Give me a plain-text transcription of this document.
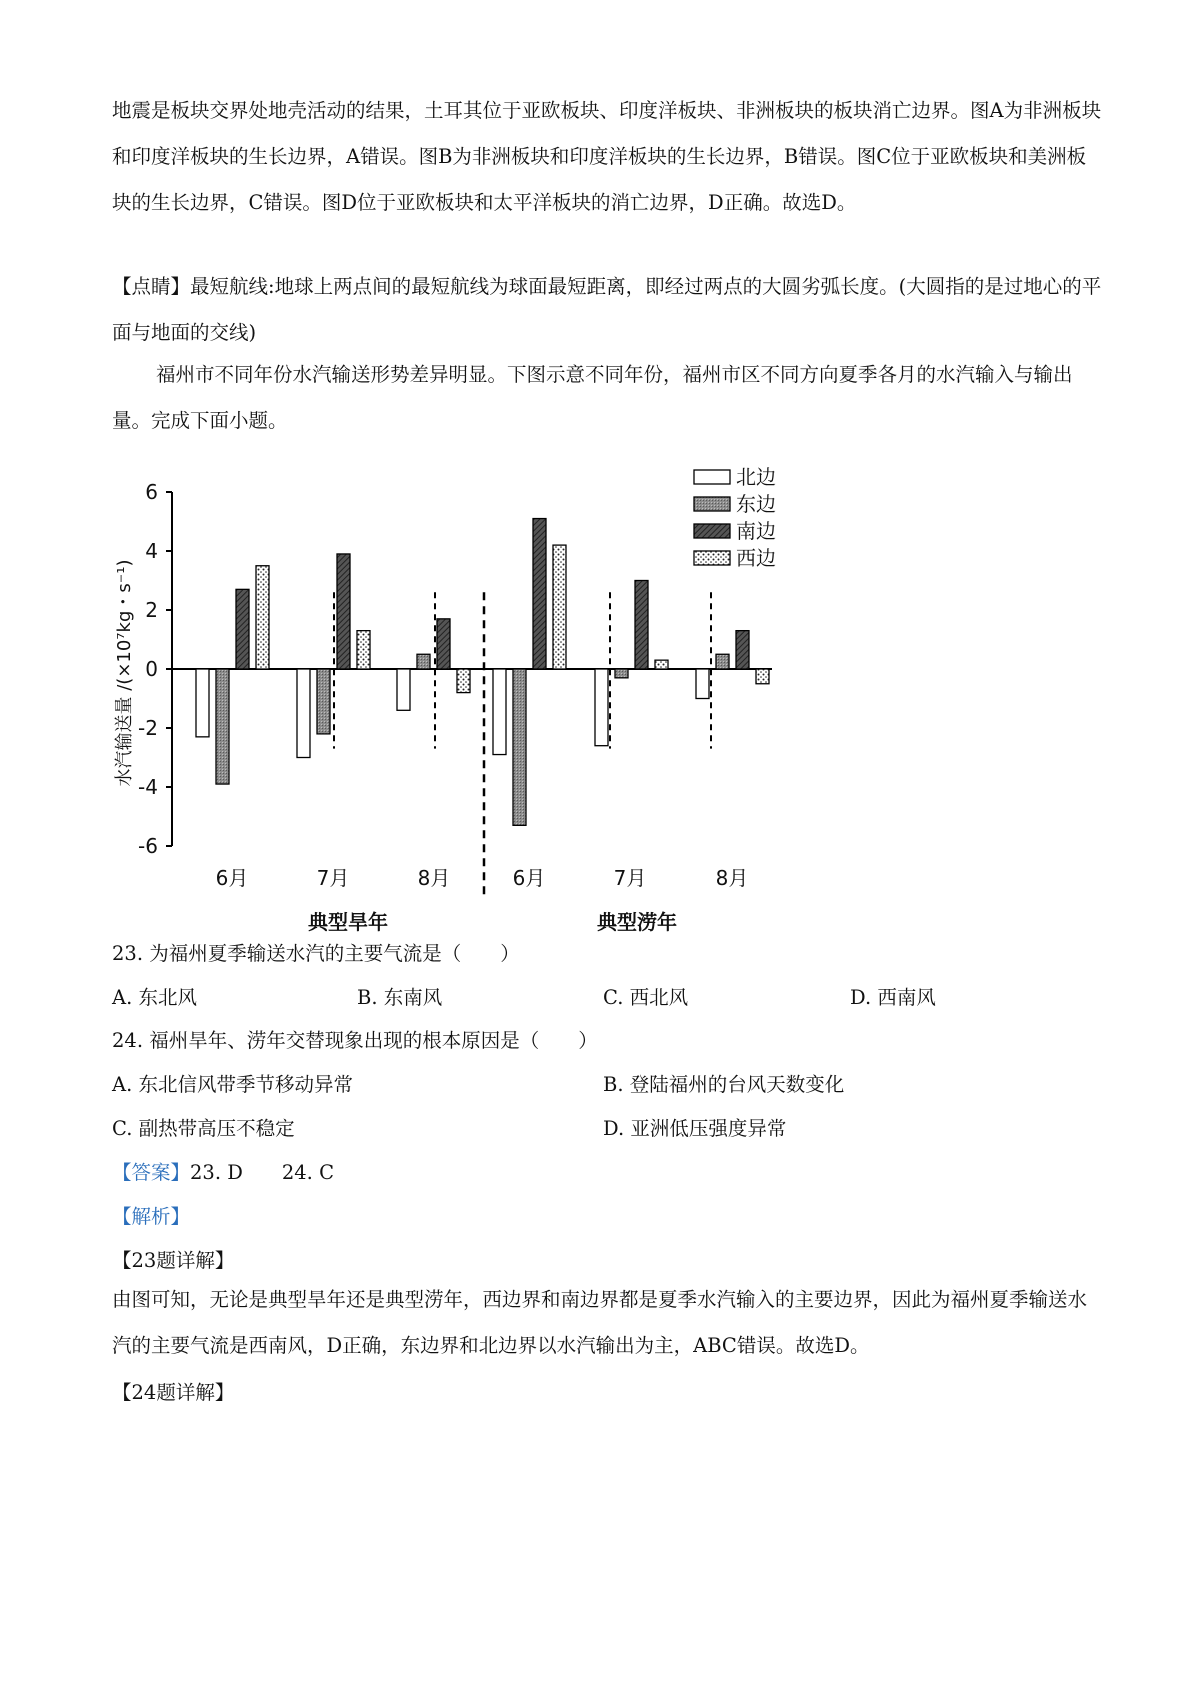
地震是板块交界处地壳活动的结果，土耳其位于亚欧板块、印度洋板块、非洲板块的板块消亡边界。图A为非洲板块和印度洋板块的生长边界，A错误。图B为非洲板块和印度洋板块的生长边界，B错误。图C位于亚欧板块和美洲板块的生长边界，C错误。图D位于亚欧板块和太平洋板块的消亡边界，D正确。故选D。

【点睛】最短航线:地球上两点间的最短航线为球面最短距离，即经过两点的大圆劣弧长度。(大圆指的是过地心的平面与地面的交线)

福州市不同年份水汽输送形势差异明显。下图示意不同年份，福州市区不同方向夏季各月的水汽输入与输出量。完成下面小题。

-6
-4
-2
0
2
4
6
水汽输送量 /(×10⁷kg・s⁻¹)
6月	7月	8月	6月	7月	8月
典型旱年	典型涝年
北边
东边
南边
西边
23. 为福州夏季输送水汽的主要气流是（　　）
A. 东北风	B. 东南风	C. 西北风	D. 西南风
24. 福州旱年、涝年交替现象出现的根本原因是（　　）
A. 东北信风带季节移动异常	B. 登陆福州的台风天数变化
C. 副热带高压不稳定	D. 亚洲低压强度异常
【答案】23. D　　24. C
【解析】
【23题详解】

由图可知，无论是典型旱年还是典型涝年，西边界和南边界都是夏季水汽输入的主要边界，因此为福州夏季输送水汽的主要气流是西南风，D正确，东边界和北边界以水汽输出为主，ABC错误。故选D。

【24题详解】
